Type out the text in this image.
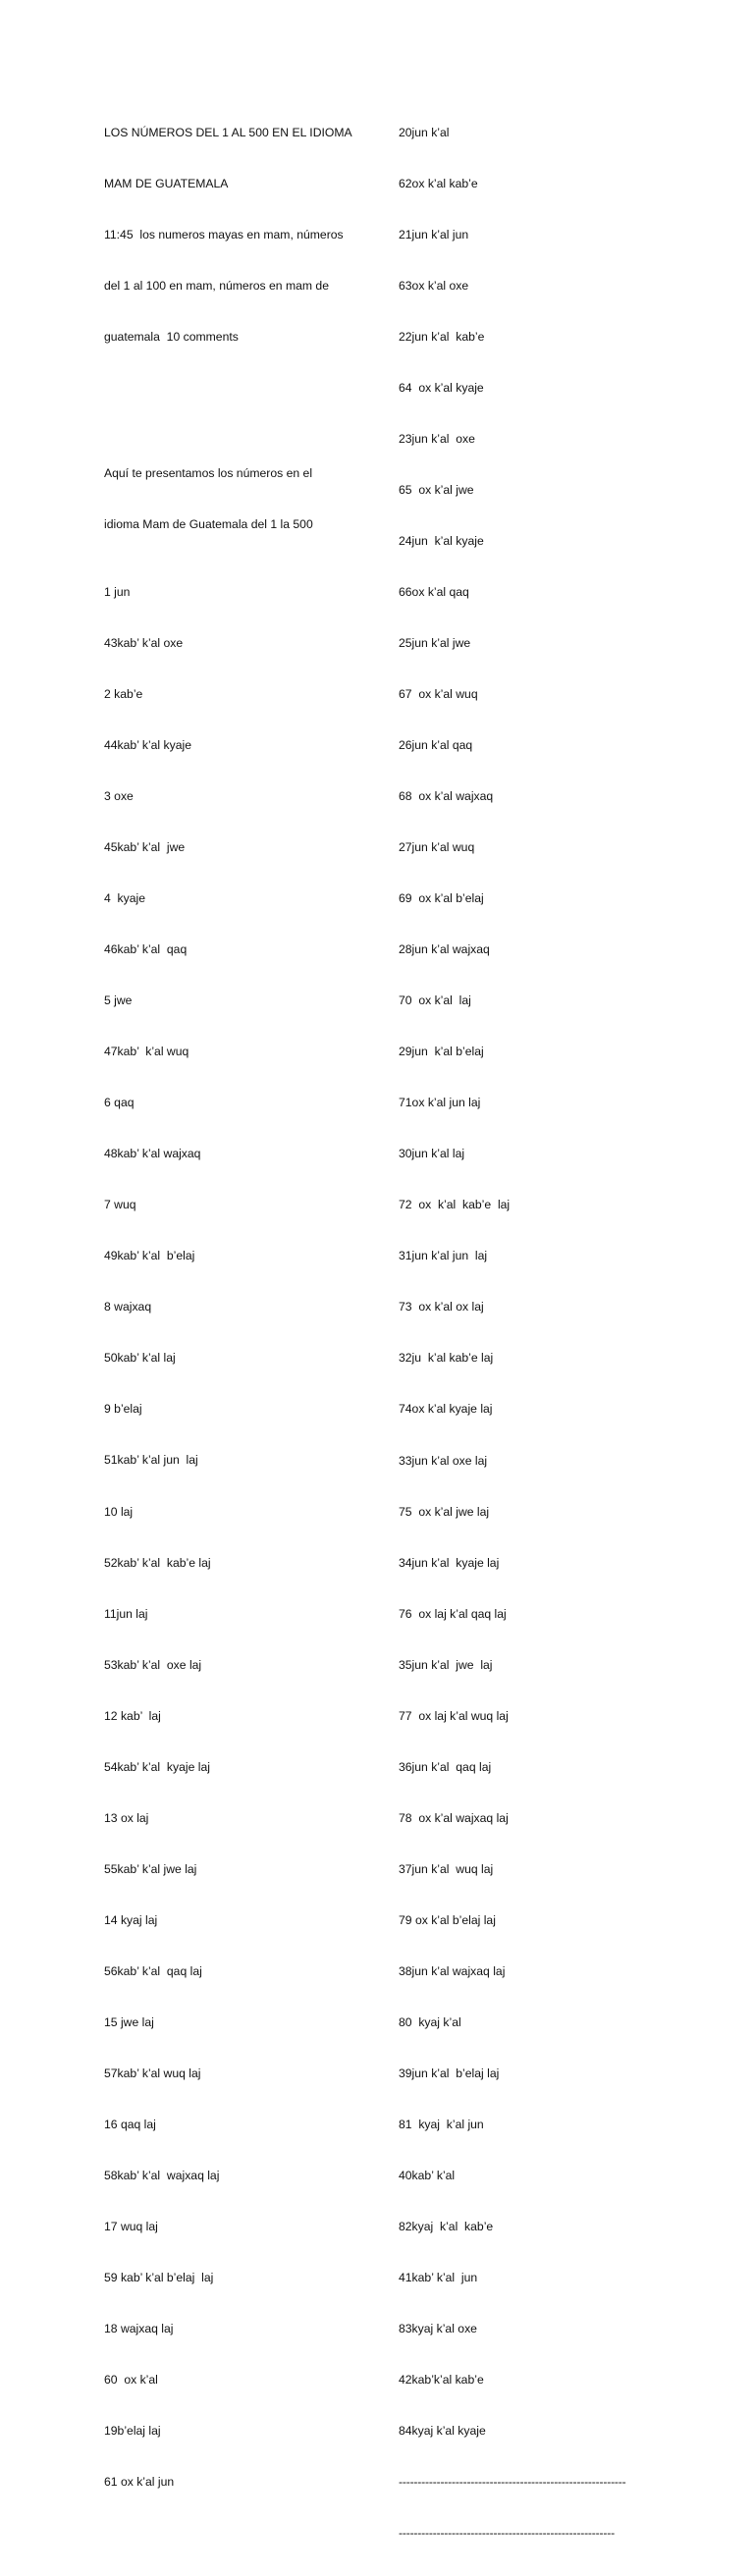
LOS NÚMEROS DEL 1 AL 500 EN EL IDIOMA

MAM DE GUATEMALA

11:45  los numeros mayas en mam, números

del 1 al 100 en mam, números en mam de

guatemala  10 comments

Aquí te presentamos los números en el

idioma Mam de Guatemala del 1 la 500

1 jun

43kab’ k’al oxe

2 kab’e

44kab’ k’al kyaje

3 oxe

45kab’ k’al  jwe

4  kyaje

46kab’ k’al  qaq

5 jwe

47kab’  k’al wuq

6 qaq

48kab’ k’al wajxaq

7 wuq

49kab’ k’al  b’elaj

8 wajxaq

50kab’ k’al laj

9 b’elaj

51kab’ k’al jun  laj

10 laj

52kab’ k’al  kab’e laj

11jun laj

53kab’ k’al  oxe laj

12 kab’  laj

54kab’ k’al  kyaje laj

13 ox laj

55kab’ k’al jwe laj

14 kyaj laj

56kab’ k’al  qaq laj

15 jwe laj

57kab’ k’al wuq laj

16 qaq laj

58kab’ k’al  wajxaq laj

17 wuq laj

59 kab’ k’al b’elaj  laj

18 wajxaq laj

60  ox k’al

19b’elaj laj

61 ox k’al jun

20jun k’al

62ox k’al kab’e

21jun k’al jun

63ox k’al oxe

22jun k’al  kab’e

64  ox k’al kyaje

23jun k’al  oxe

65  ox k’al jwe

24jun  k’al kyaje

66ox k’al qaq

25jun k’al jwe

67  ox k’al wuq

26jun k’al qaq

68  ox k’al wajxaq

27jun k’al wuq

69  ox k’al b’elaj

28jun k’al wajxaq

70  ox k’al  laj

29jun  k’al b’elaj

71ox k’al jun laj

30jun k’al laj

72  ox  k’al  kab’e  laj

31jun k’al jun  laj

73  ox k’al ox laj

32ju  k’al kab’e laj

74ox k’al kyaje laj

33jun k’al oxe laj

75  ox k’al jwe laj

34jun k’al  kyaje laj

76  ox laj k’al qaq laj

35jun k’al  jwe  laj

77  ox laj k’al wuq laj

36jun k’al  qaq laj

78  ox k’al wajxaq laj

37jun k’al  wuq laj

79 ox k’al b’elaj laj

38jun k’al wajxaq laj

80  kyaj k’al

39jun k’al  b’elaj laj

81  kyaj  k’al jun

40kab’ k’al

82kyaj  k’al  kab’e

41kab’ k’al  jun

83kyaj k’al oxe

42kab’k’al kab’e

84kyaj k’al kyaje

------------------------------------------------------------

---------------------------------------------------------
